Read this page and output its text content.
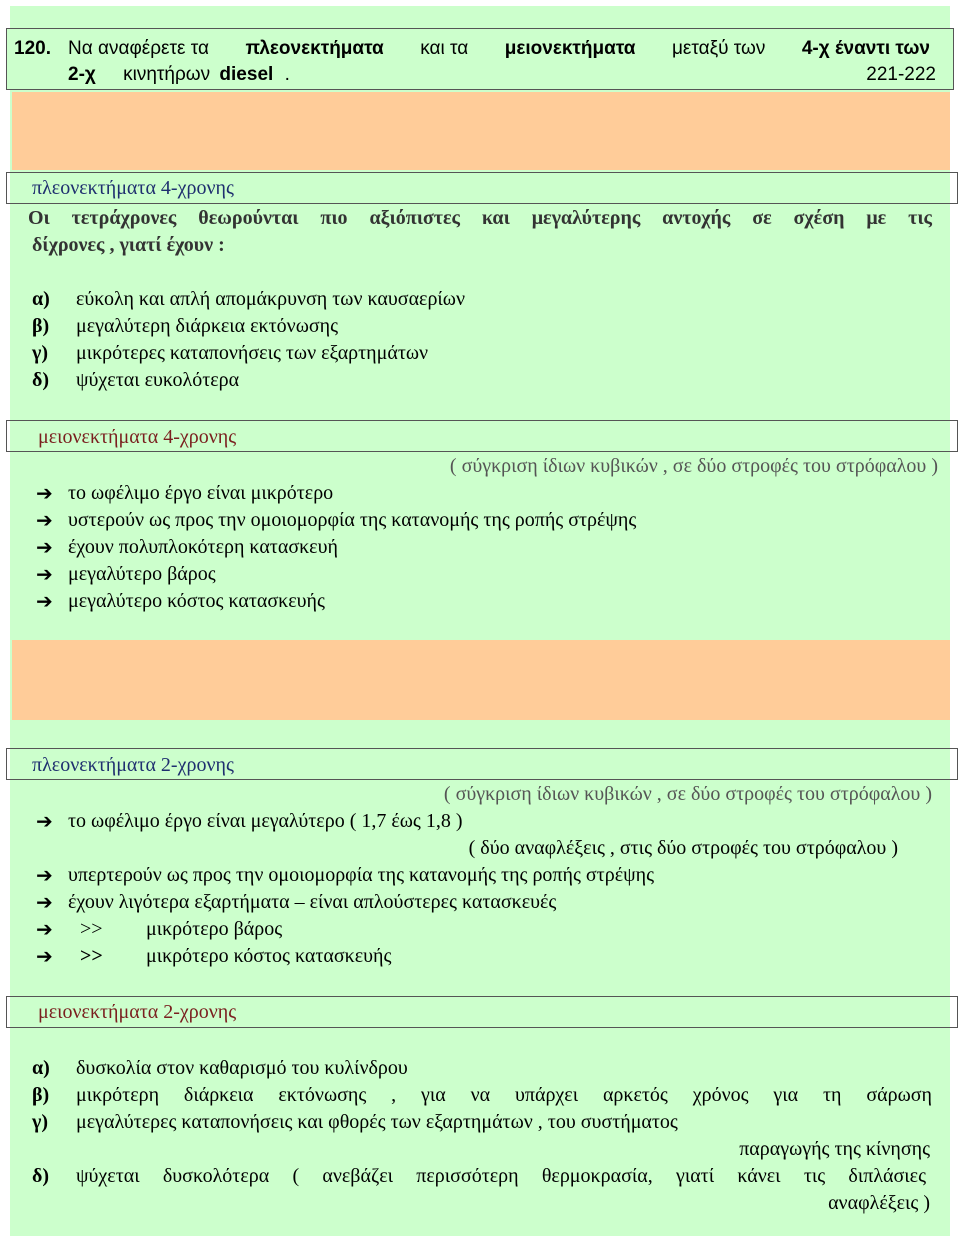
120. Να αναφέρετε τα πλεονεκτήματα και τα μειονεκτήματα μεταξύ των 4-χ έναντι των
2-χ κινητήρων diesel .	221-222
πλεονεκτήματα 4-χρονης
Οι τετράχρονες θεωρούνται πιο αξιόπιστες και μεγαλύτερης αντοχής σε σχέση με τις
δίχρονες , γιατί έχουν :
α) εύκολη και απλή απομάκρυνση των καυσαερίων
β) μεγαλύτερη διάρκεια εκτόνωσης
γ) μικρότερες καταπονήσεις των εξαρτημάτων
δ) ψύχεται ευκολότερα
μειονεκτήματα 4-χρονης
( σύγκριση ίδιων κυβικών , σε δύο στροφές του στρόφαλου )
➔ το ωφέλιμο έργο είναι μικρότερο
➔ υστερούν ως προς την ομοιομορφία της κατανομής της ροπής στρέψης
➔ έχουν πολυπλοκότερη κατασκευή
➔ μεγαλύτερο βάρος
➔ μεγαλύτερο κόστος κατασκευής
πλεονεκτήματα 2-χρονης
( σύγκριση ίδιων κυβικών , σε δύο στροφές του στρόφαλου )
➔ το ωφέλιμο έργο είναι μεγαλύτερο ( 1,7 έως 1,8 )
( δύο αναφλέξεις , στις δύο στροφές του στρόφαλου )
➔ υπερτερούν ως προς την ομοιομορφία της κατανομής της ροπής στρέψης
➔ έχουν λιγότερα εξαρτήματα – είναι απλούστερες κατασκευές
➔ >> μικρότερο βάρος
➔ >> μικρότερο κόστος κατασκευής
μειονεκτήματα 2-χρονης
α) δυσκολία στον καθαρισμό του κυλίνδρου
β) μικρότερη διάρκεια εκτόνωσης , για να υπάρχει αρκετός χρόνος για τη σάρωση
γ) μεγαλύτερες καταπονήσεις και φθορές των εξαρτημάτων , του συστήματος
παραγωγής της κίνησης
δ) ψύχεται δυσκολότερα ( ανεβάζει περισσότερη θερμοκρασία, γιατί κάνει τις διπλάσιες
αναφλέξεις )
